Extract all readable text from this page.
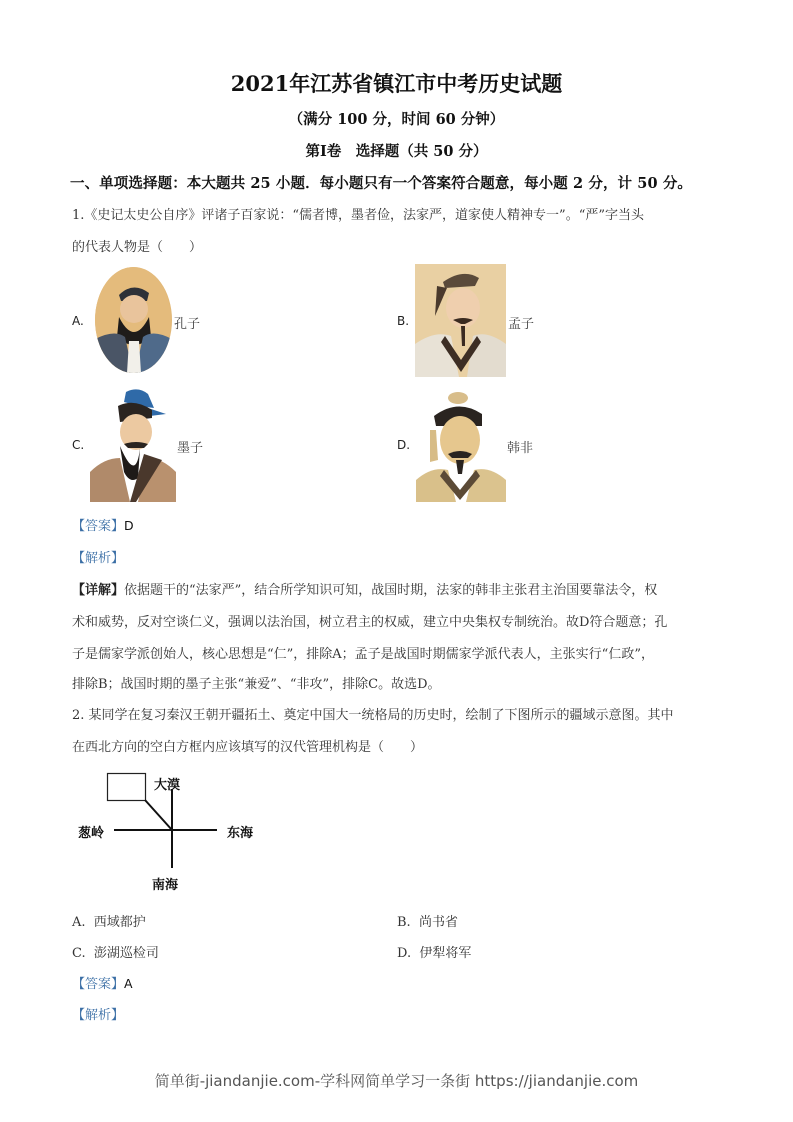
2021年江苏省镇江市中考历史试题
（满分 100 分，时间 60 分钟）
第Ⅰ卷　选择题（共 50 分）
一、单项选择题：本大题共 25 小题．每小题只有一个答案符合题意，每小题 2 分，计 50 分。
1.《史记太史公自序》评诸子百家说：“儒者博，墨者俭，法家严，道家使人精神专一”。“严”字当头
的代表人物是（　　）
A.	孔子	B.	孟子
C.	墨子	D.	韩非
【答案】D
【解析】
【详解】依据题干的“法家严”，结合所学知识可知，战国时期，法家的韩非主张君主治国要靠法令，权
术和威势，反对空谈仁义，强调以法治国，树立君主的权威，建立中央集权专制统治。故D符合题意；孔
子是儒家学派创始人，核心思想是“仁”，排除A；孟子是战国时期儒家学派代表人，主张实行“仁政”，
排除B；战国时期的墨子主张“兼爱”、“非攻”，排除C。故选D。
2. 某同学在复习秦汉王朝开疆拓土、奠定中国大一统格局的历史时，绘制了下图所示的疆域示意图。其中
在西北方向的空白方框内应该填写的汉代管理机构是（　　）
大漠
葱岭	东海
南海
A. 西域都护	B. 尚书省
C. 澎湖巡检司	D. 伊犁将军
【答案】A
【解析】
简单街-jiandanjie.com-学科网简单学习一条街 https://jiandanjie.com
